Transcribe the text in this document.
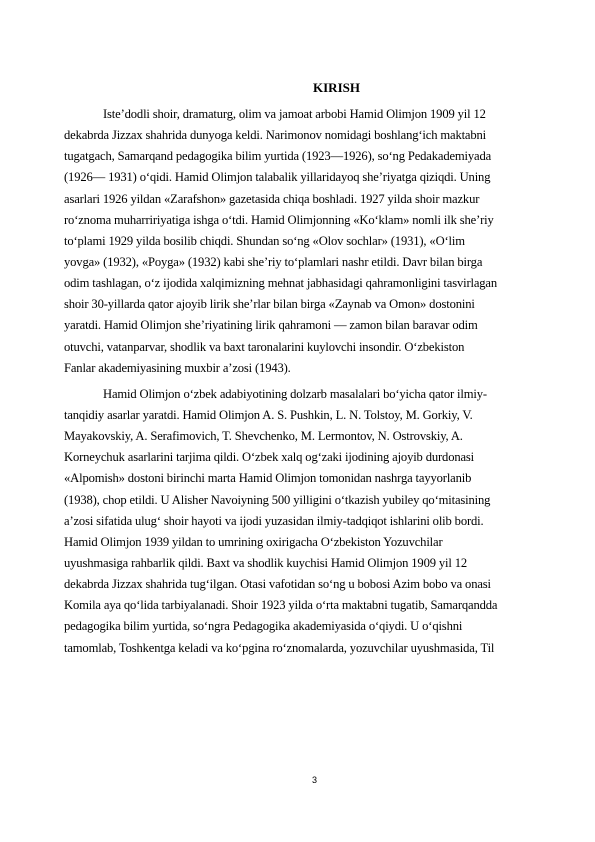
KIRISH
Iste’dodli shoir, dramaturg, olim va jamoat arbobi Hamid Olimjon 1909 yil 12
dekabrda Jizzax shahrida dunyoga keldi. Narimonov nomidagi boshlang‘ich maktabni
tugatgach, Samarqand pedagogika bilim yurtida (1923—1926), so‘ng Pedakademiyada
(1926— 1931) o‘qidi. Hamid Olimjon talabalik yillaridayoq she’riyatga qiziqdi. Uning
asarlari 1926 yildan «Zarafshon» gazetasida chiqa boshladi. 1927 yilda shoir mazkur
ro‘znoma muharririyatiga ishga o‘tdi. Hamid Olimjonning «Ko‘klam» nomli ilk she’riy
to‘plami 1929 yilda bosilib chiqdi. Shundan so‘ng «Olov sochlar» (1931), «O‘lim
yovga» (1932), «Poyga» (1932) kabi she’riy to‘plamlari nashr etildi. Davr bilan birga
odim tashlagan, o‘z ijodida xalqimizning mehnat jabhasidagi qahramonligini tasvirlagan
shoir 30-yillarda qator ajoyib lirik she’rlar bilan birga «Zaynab va Omon» dostonini
yaratdi. Hamid Olimjon she’riyatining lirik qahramoni — zamon bilan baravar odim
otuvchi, vatanparvar, shodlik va baxt taronalarini kuylovchi insondir. O‘zbekiston
Fanlar akademiyasining muxbir a’zosi (1943).
Hamid Olimjon o‘zbek adabiyotining dolzarb masalalari bo‘yicha qator ilmiy-
tanqidiy asarlar yaratdi. Hamid Olimjon A. S. Pushkin, L. N. Tolstoy, M. Gorkiy, V.
Mayakovskiy, A. Serafimovich, T. Shevchenko, M. Lermontov, N. Ostrovskiy, A.
Korneychuk asarlarini tarjima qildi. O‘zbek xalq og‘zaki ijodining ajoyib durdonasi
«Alpomish» dostoni birinchi marta Hamid Olimjon tomonidan nashrga tayyorlanib
(1938), chop etildi. U Alisher Navoiyning 500 yilligini o‘tkazish yubiley qo‘mitasining
a’zosi sifatida ulug‘ shoir hayoti va ijodi yuzasidan ilmiy-tadqiqot ishlarini olib bordi.
Hamid Olimjon 1939 yildan to umrining oxirigacha O‘zbekiston Yozuvchilar
uyushmasiga rahbarlik qildi. Baxt va shodlik kuychisi Hamid Olimjon 1909 yil 12
dekabrda Jizzax shahrida tug‘ilgan. Otasi vafotidan so‘ng u bobosi Azim bobo va onasi
Komila aya qo‘lida tarbiyalanadi. Shoir 1923 yilda o‘rta maktabni tugatib, Samarqandda
pedagogika bilim yurtida, so‘ngra Pedagogika akademiyasida o‘qiydi. U o‘qishni
tamomlab, Toshkentga keladi va ko‘pgina ro‘znomalarda, yozuvchilar uyushmasida, Til
3
